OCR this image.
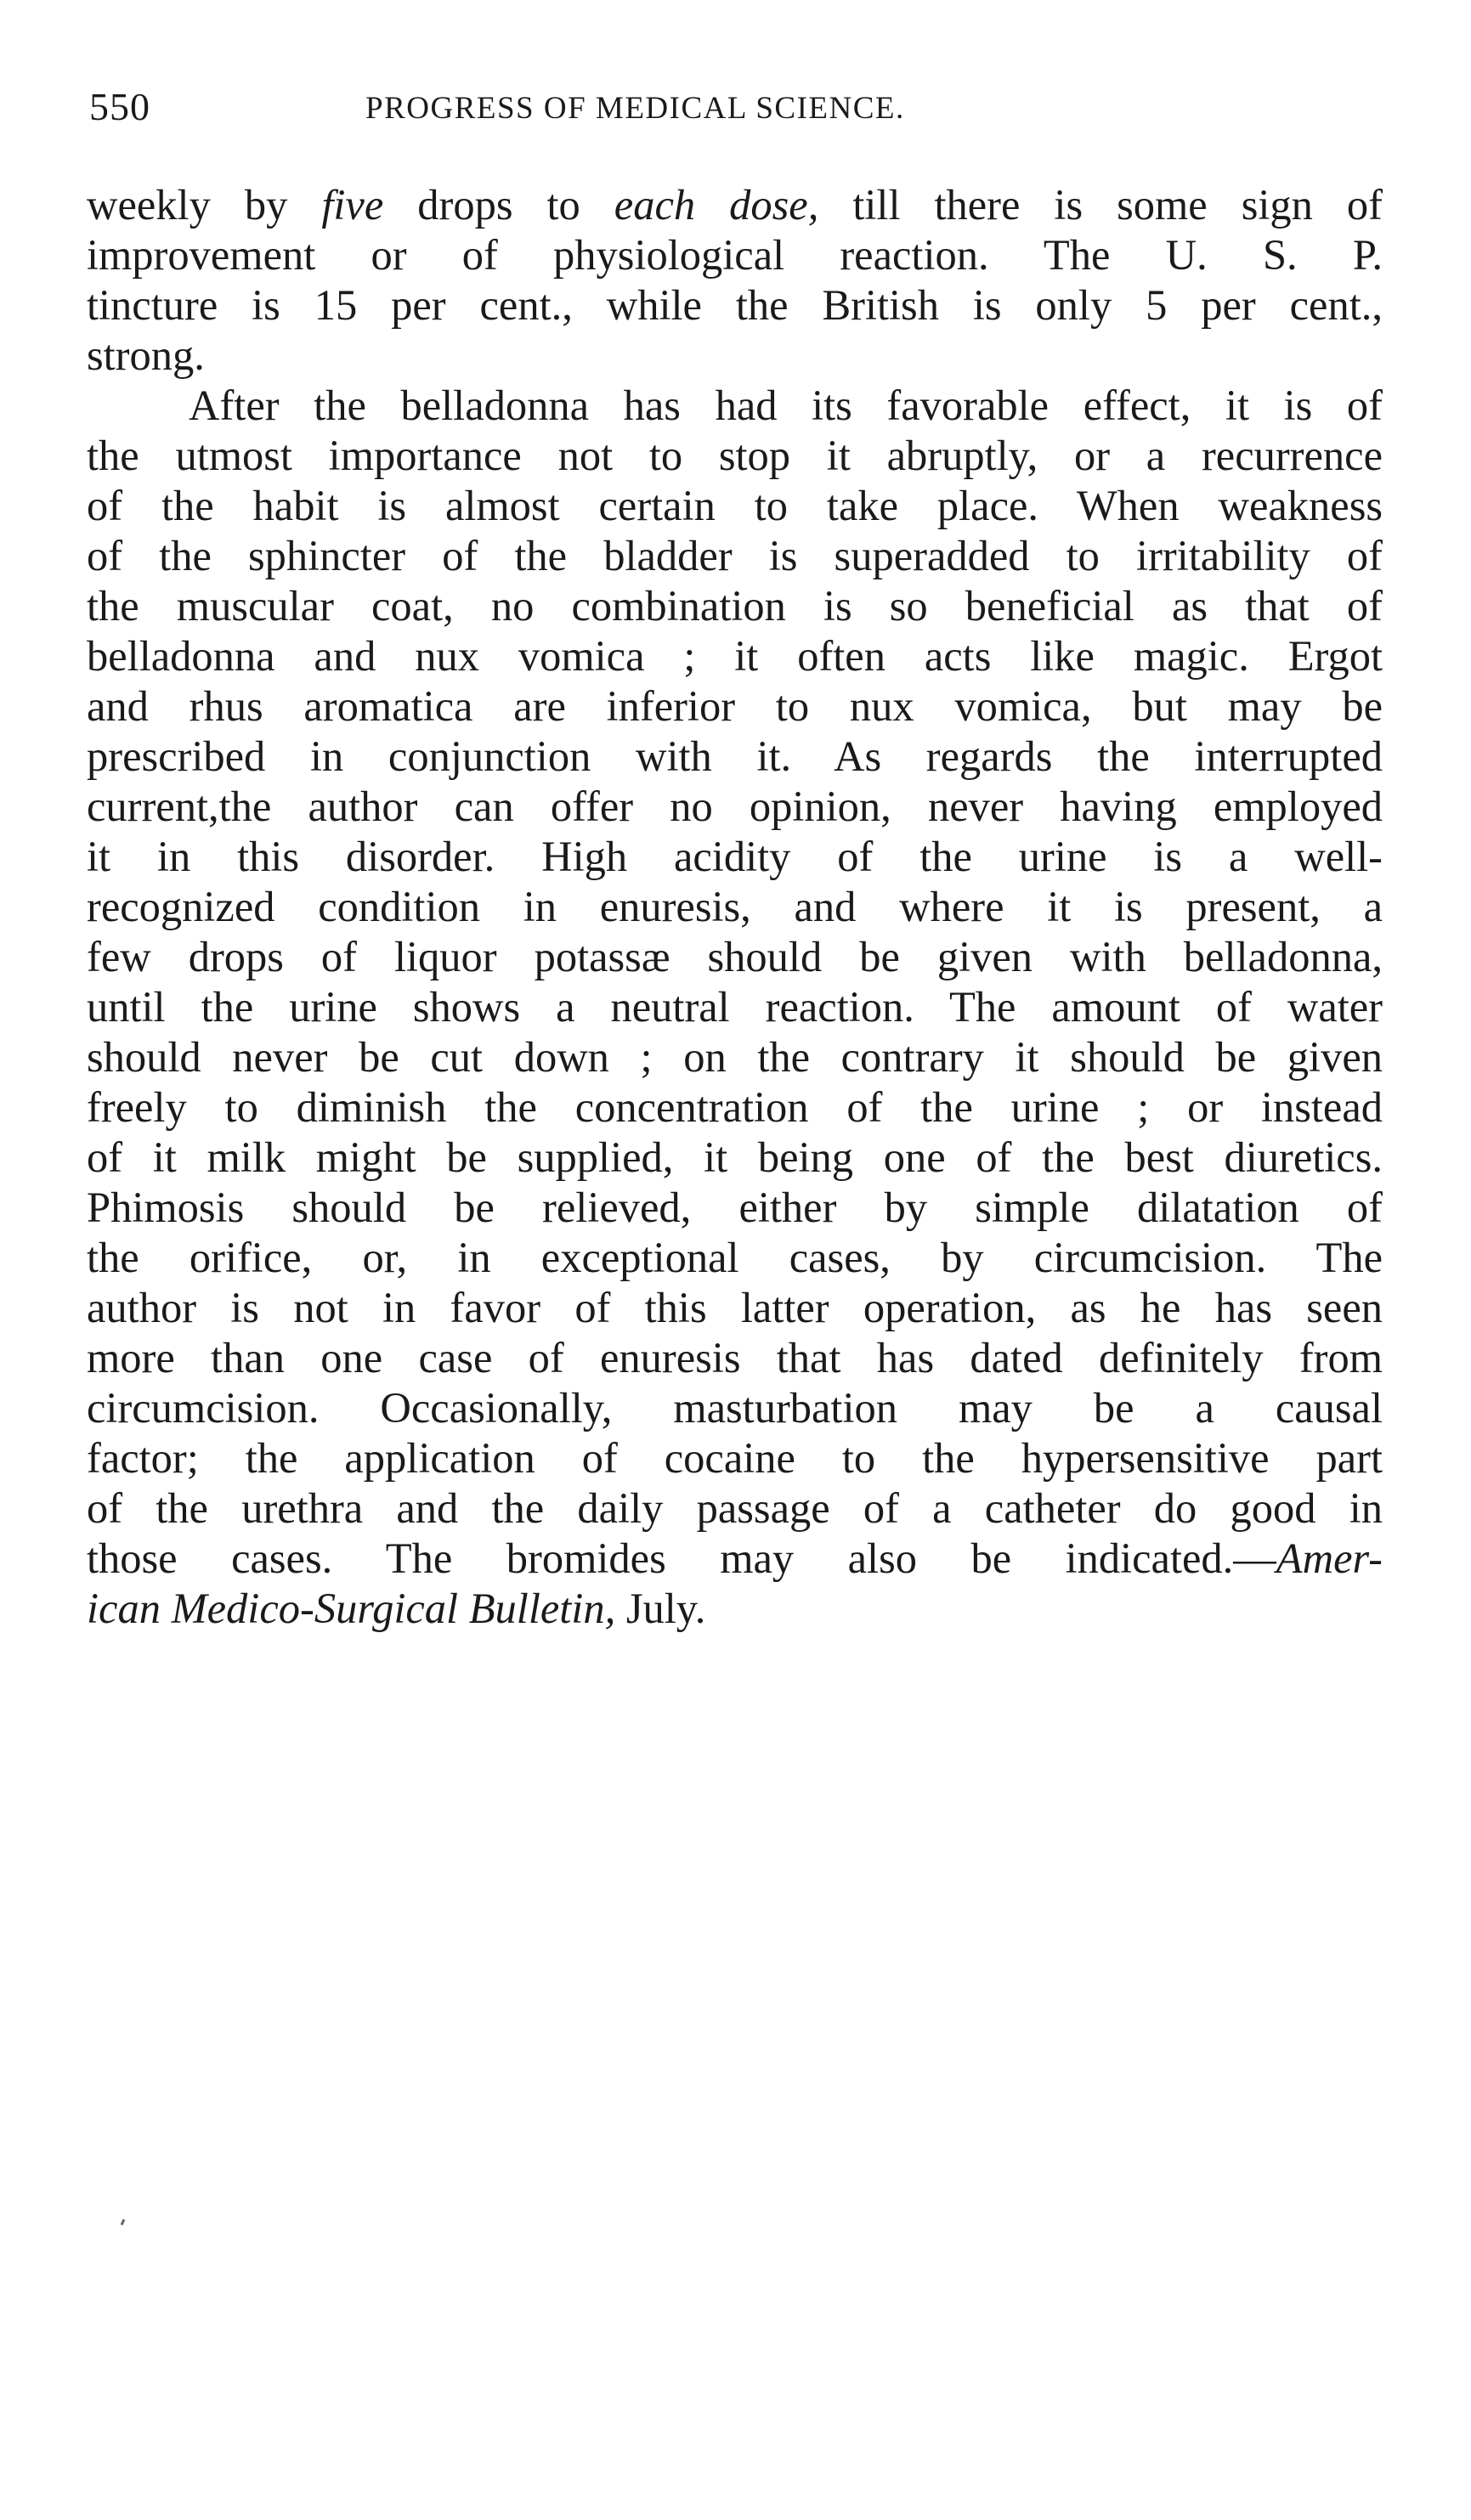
550	PROGRESS OF MEDICAL SCIENCE.
weekly by five drops to each dose, till there is some sign of
improvement or of physiological reaction. The U. S. P.
tincture is 15 per cent., while the British is only 5 per cent.,
strong.
After the belladonna has had its favorable effect, it is of
the utmost importance not to stop it abruptly, or a recurrence
of the habit is almost certain to take place. When weakness
of the sphincter of the bladder is superadded to irritability of
the muscular coat, no combination is so beneficial as that of
belladonna and nux vomica ; it often acts like magic. Ergot
and rhus aromatica are inferior to nux vomica, but may be
prescribed in conjunction with it. As regards the interrupted
current,the author can offer no opinion, never having employed
it in this disorder. High acidity of the urine is a well-
recognized condition in enuresis, and where it is present, a
few drops of liquor potassæ should be given with belladonna,
until the urine shows a neutral reaction. The amount of water
should never be cut down ; on the contrary it should be given
freely to diminish the concentration of the urine ; or instead
of it milk might be supplied, it being one of the best diuretics.
Phimosis should be relieved, either by simple dilatation of
the orifice, or, in exceptional cases, by circumcision. The
author is not in favor of this latter operation, as he has seen
more than one case of enuresis that has dated definitely from
circumcision. Occasionally, masturbation may be a causal
factor; the application of cocaine to the hypersensitive part
of the urethra and the daily passage of a catheter do good in
those cases. The bromides may also be indicated.—Amer-
ican Medico-Surgical Bulletin, July.
